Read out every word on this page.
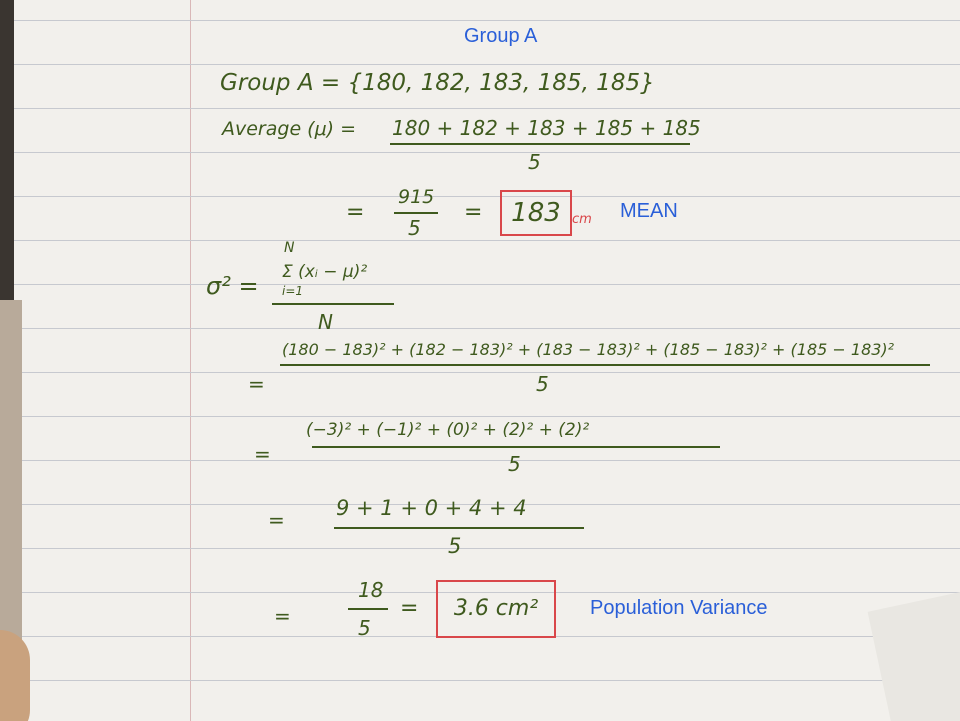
Group A
MEAN
Population Variance
Group A = {180, 182, 183, 185, 185}
Average (μ) = 180 + 182 + 183 + 185 + 185
5
=
915
5
=	183 cm
σ² =
N
Σ (xᵢ − μ)²
i=1
N
=
(180 − 183)² + (182 − 183)² + (183 − 183)² + (185 − 183)² + (185 − 183)²
5
=
(−3)² + (−1)² + (0)² + (2)² + (2)²
5
= 9 + 1 + 0 + 4 + 4
5
=
18
5
=	3.6 cm²
